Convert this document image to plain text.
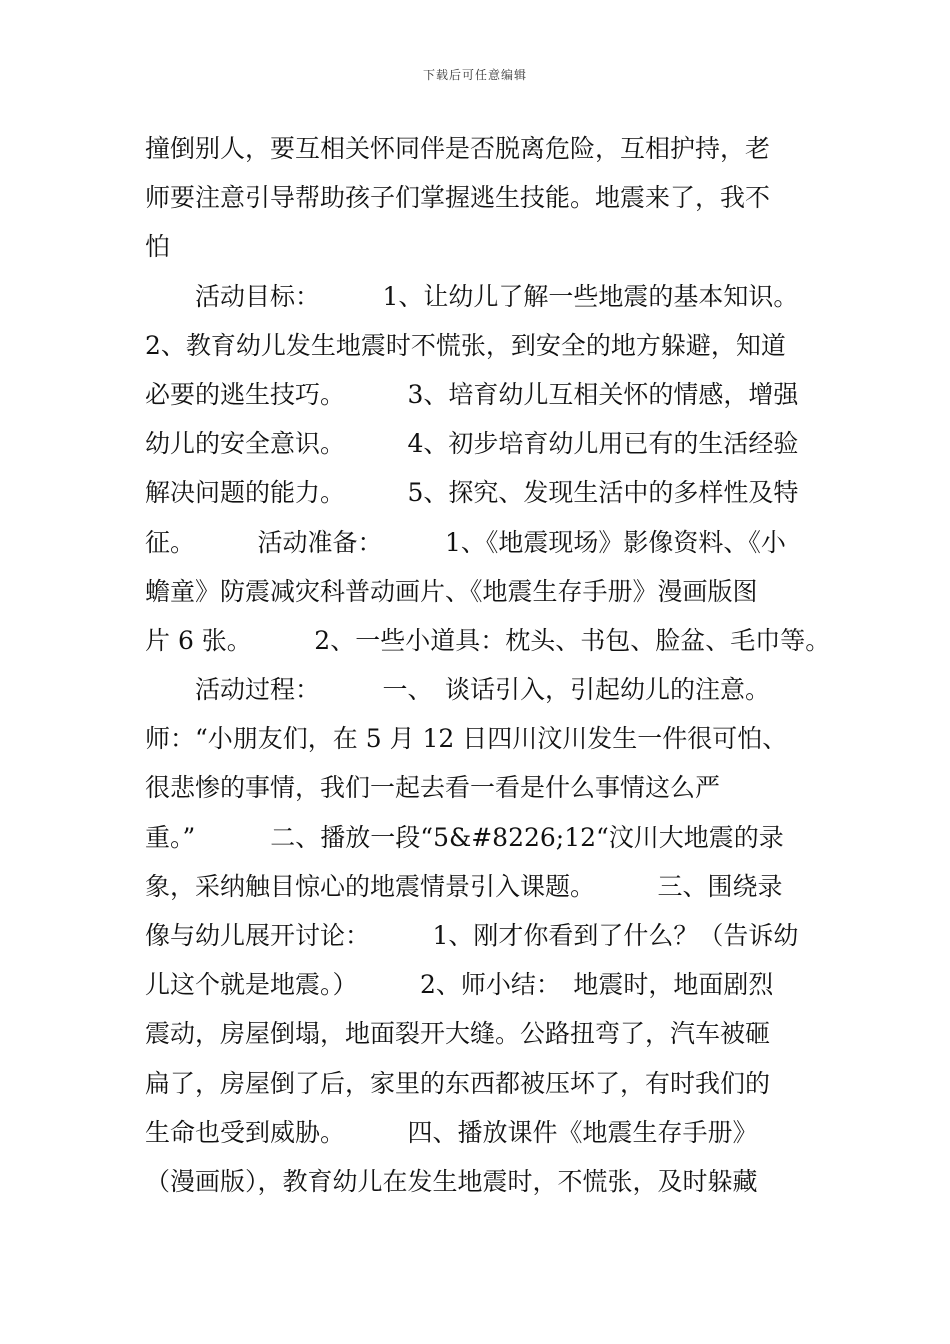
下载后可任意编辑
撞倒别人，要互相关怀同伴是否脱离危险，互相护持，老
师要注意引导帮助孩子们掌握逃生技能。地震来了，我不
怕
　　活动目标：　　　1、让幼儿了解一些地震的基本知识。
2、教育幼儿发生地震时不慌张，到安全的地方躲避，知道
必要的逃生技巧。　　　3、培育幼儿互相关怀的情感，增强
幼儿的安全意识。　　　4、初步培育幼儿用已有的生活经验
解决问题的能力。　　　5、探究、发现生活中的多样性及特
征。　　　活动准备：　　　1、《地震现场》影像资料、《小
蟾童》防震减灾科普动画片、《地震生存手册》漫画版图
片 6 张。　　　2、一些小道具：枕头、书包、脸盆、毛巾等。
　　活动过程：　　　一、　谈话引入，引起幼儿的注意。
师：“小朋友们，在 5 月 12 日四川汶川发生一件很可怕、
很悲惨的事情，我们一起去看一看是什么事情这么严
重。”　　　二、播放一段“5&#8226;12“汶川大地震的录
象，采纳触目惊心的地震情景引入课题。　　　三、围绕录
像与幼儿展开讨论：　　　1、刚才你看到了什么？（告诉幼
儿这个就是地震。）　　　2、师小结：　地震时，地面剧烈
震动，房屋倒塌，地面裂开大缝。公路扭弯了，汽车被砸
扁了，房屋倒了后，家里的东西都被压坏了，有时我们的
生命也受到威胁。　　　四、播放课件《地震生存手册》
（漫画版），教育幼儿在发生地震时，不慌张，及时躲藏
